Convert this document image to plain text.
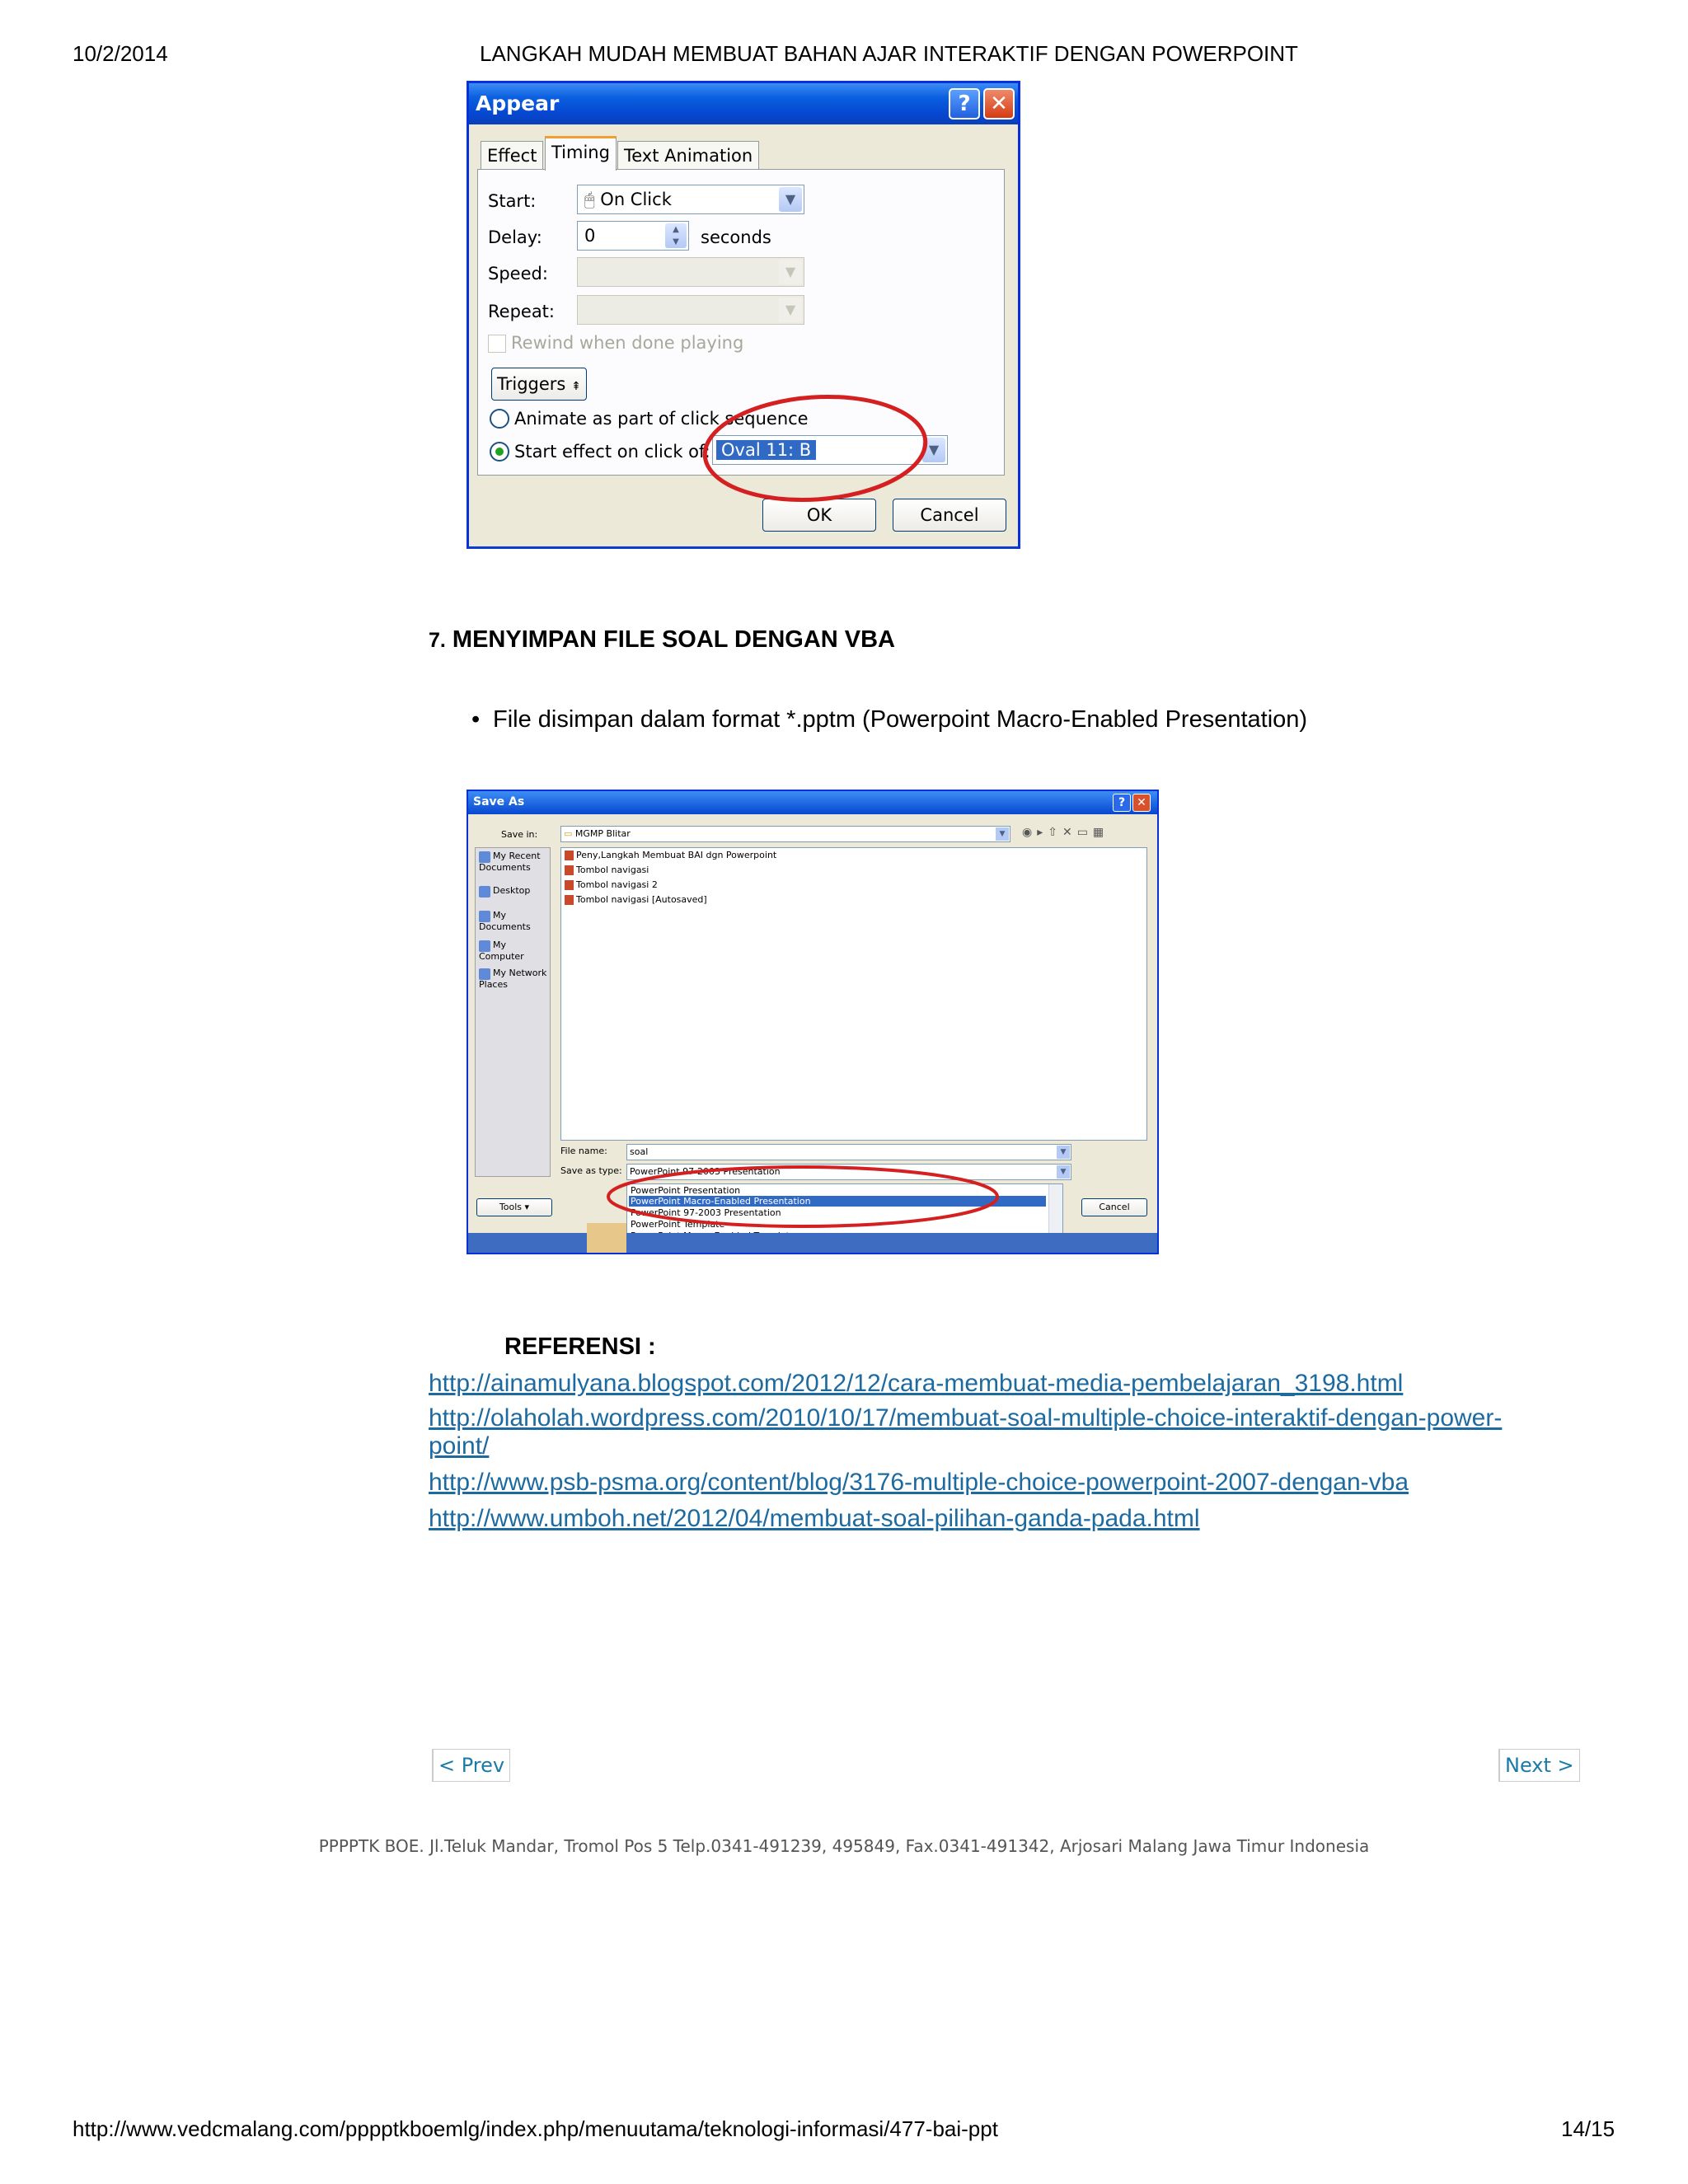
10/2/2014	LANGKAH MUDAH MEMBUAT BAHAN AJAR INTERAKTIF DENGAN POWERPOINT
Appear	? ✕
Effect Timing Text Animation
Start:	🖱 On Click	▼
Delay:	0	▲
▼	seconds
Speed:	▼
Repeat:	▼
Rewind when done playing
Triggers ⇞
Animate as part of click sequence
Start effect on click of: Oval 11: B	▼
OK	Cancel
7. MENYIMPAN FILE SOAL DENGAN VBA
• File disimpan dalam format *.pptm (Powerpoint Macro-Enabled Presentation)
Save As	?	✕
Save in:	▭ MGMP Blitar	▼	◉▸⇧✕▭▦
My Recent Documents
Desktop
My Documents
My Computer
My Network Places
Peny,Langkah Membuat BAI dgn Powerpoint
Tombol navigasi
Tombol navigasi 2
Tombol navigasi [Autosaved]
File name:	soal	▼
Save as type: PowerPoint 97-2003 Presentation	▼
PowerPoint Presentation
PowerPoint Macro-Enabled Presentation
PowerPoint 97-2003 Presentation
PowerPoint Template
Tools ▾	Cancel
REFERENSI :
http://ainamulyana.blogspot.com/2012/12/cara-membuat-media-pembelajaran_3198.html
http://olaholah.wordpress.com/2010/10/17/membuat-soal-multiple-choice-interaktif-dengan-power-
point/
http://www.psb-psma.org/content/blog/3176-multiple-choice-powerpoint-2007-dengan-vba
http://www.umboh.net/2012/04/membuat-soal-pilihan-ganda-pada.html
< Prev	Next >
PPPPTK BOE. Jl.Teluk Mandar, Tromol Pos 5 Telp.0341-491239, 495849, Fax.0341-491342, Arjosari Malang Jawa Timur Indonesia
http://www.vedcmalang.com/pppptkboemlg/index.php/menuutama/teknologi-informasi/477-bai-ppt	14/15
